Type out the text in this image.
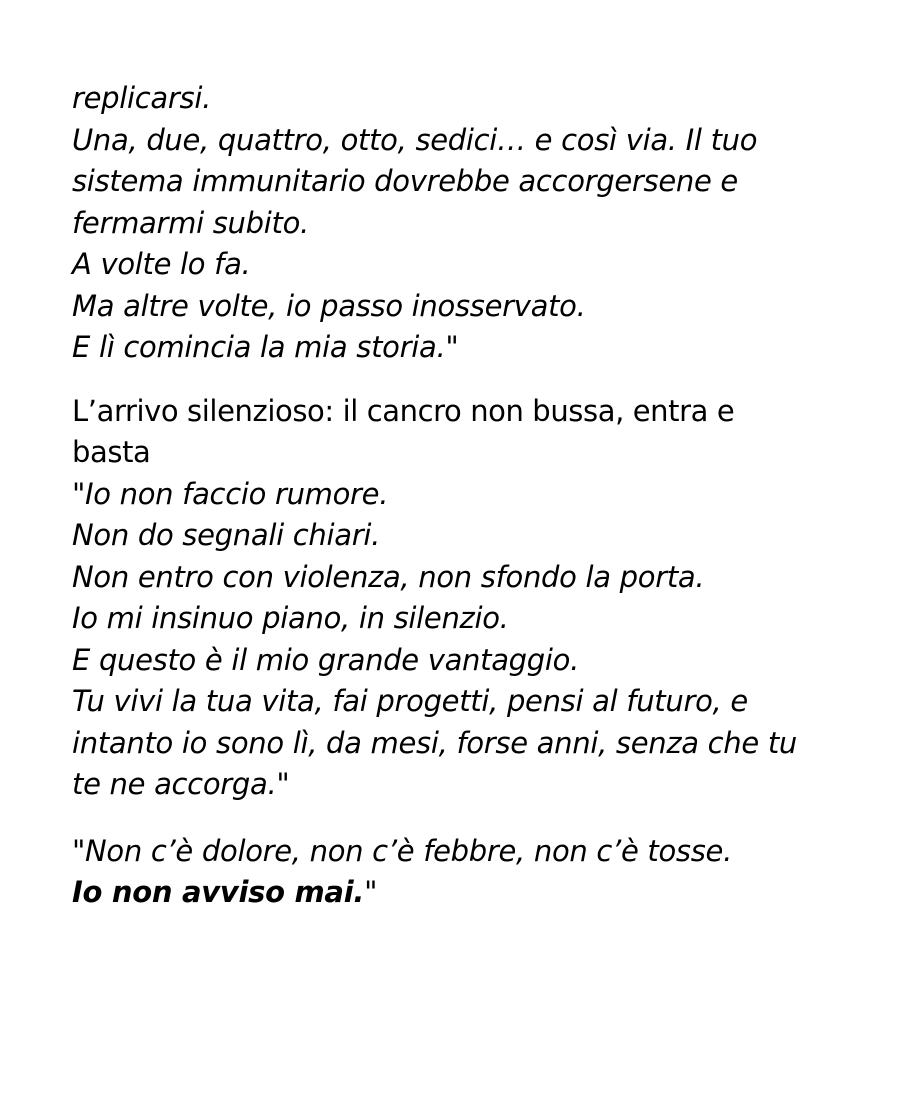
replicarsi.
Una, due, quattro, otto, sedici… e così via. Il tuo
sistema immunitario dovrebbe accorgersene e
fermarmi subito.
A volte lo fa.
Ma altre volte, io passo inosservato.
E lì comincia la mia storia."
L’arrivo silenzioso: il cancro non bussa, entra e
basta
"Io non faccio rumore.
Non do segnali chiari.
Non entro con violenza, non sfondo la porta.
Io mi insinuo piano, in silenzio.
E questo è il mio grande vantaggio.
Tu vivi la tua vita, fai progetti, pensi al futuro, e
intanto io sono lì, da mesi, forse anni, senza che tu
te ne accorga."
"Non c’è dolore, non c’è febbre, non c’è tosse.
Io non avviso mai."
